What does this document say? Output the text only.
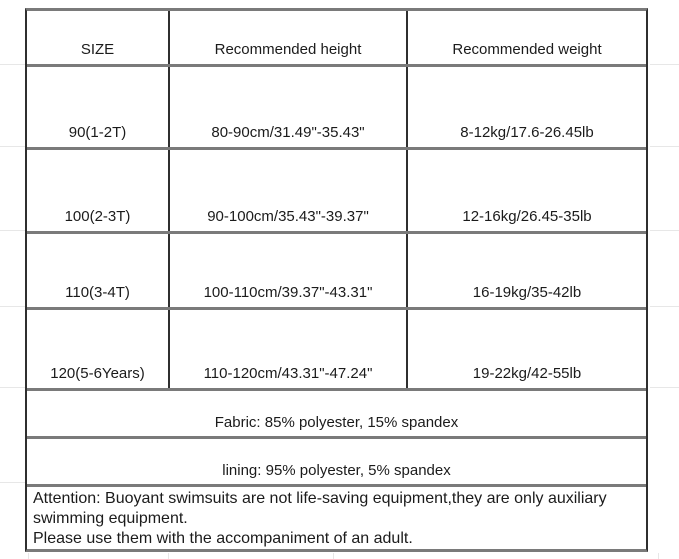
SIZE	Recommended height	Recommended weight
90(1-2T)	80-90cm/31.49"-35.43"	8-12kg/17.6-26.45lb
100(2-3T)	90-100cm/35.43"-39.37"	12-16kg/26.45-35lb
110(3-4T)	100-110cm/39.37"-43.31"	16-19kg/35-42lb
120(5-6Years)	110-120cm/43.31"-47.24"	19-22kg/42-55lb
Fabric: 85% polyester, 15% spandex
lining: 95% polyester, 5% spandex
Attention: Buoyant swimsuits are not life-saving equipment,they are only auxiliary
swimming equipment.
Please use them with the accompaniment of an adult.
